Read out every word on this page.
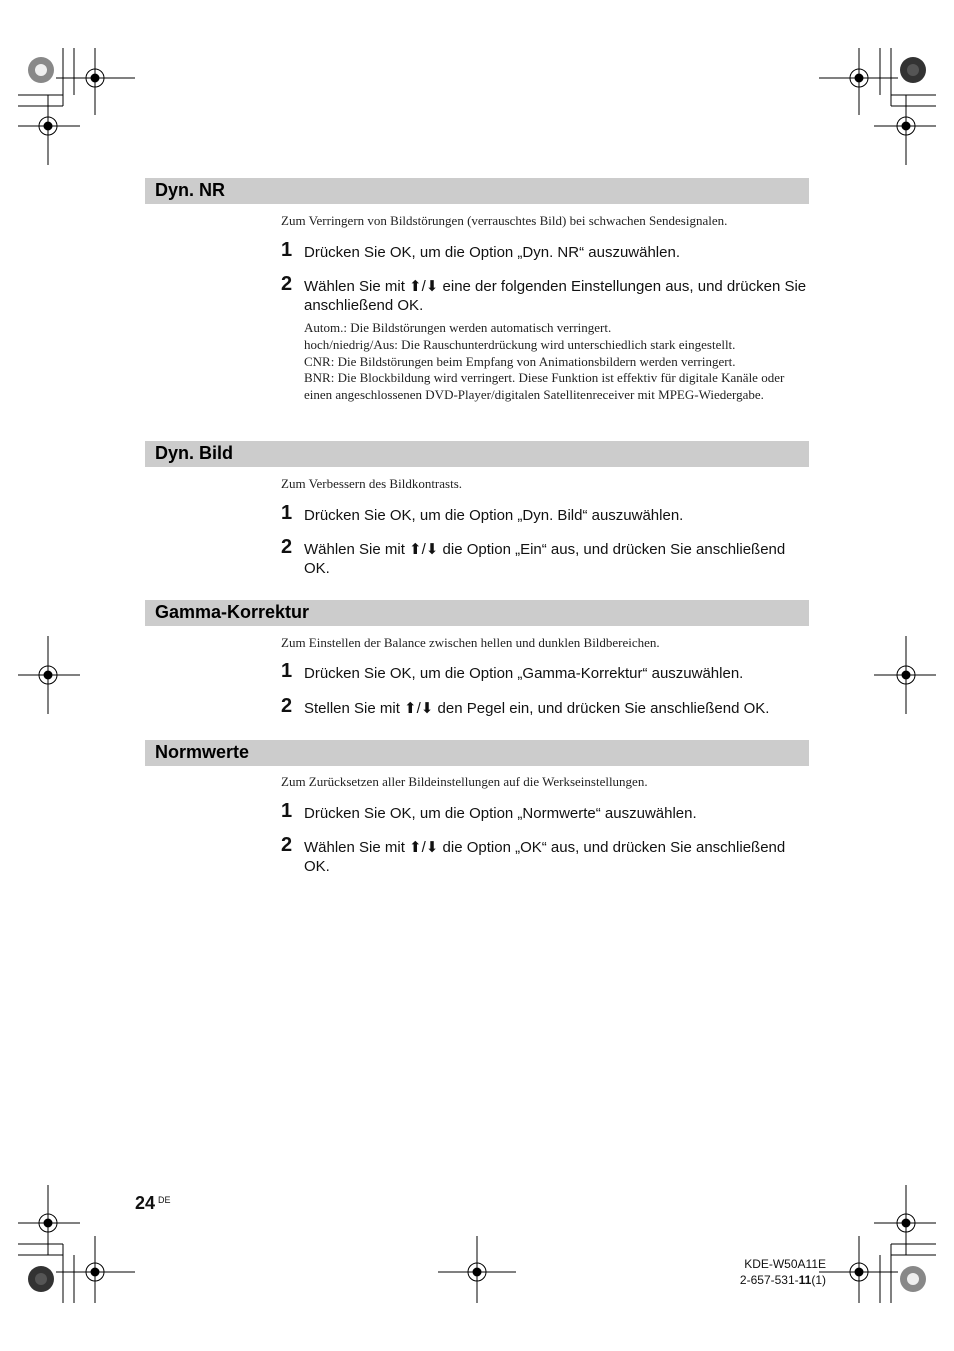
Dyn. NR
Zum Verringern von Bildstörungen (verrauschtes Bild) bei schwachen Sendesignalen.
1 Drücken Sie OK, um die Option „Dyn. NR“ auszuwählen.
2 Wählen Sie mit ⬆/⬇ eine der folgenden Einstellungen aus, und drücken Sie anschließend OK.
Autom.: Die Bildstörungen werden automatisch verringert.
hoch/niedrig/Aus: Die Rauschunterdrückung wird unterschiedlich stark eingestellt.
CNR: Die Bildstörungen beim Empfang von Animationsbildern werden verringert.
BNR: Die Blockbildung wird verringert. Diese Funktion ist effektiv für digitale Kanäle oder einen angeschlossenen DVD-Player/digitalen Satellitenreceiver mit MPEG-Wiedergabe.
Dyn. Bild
Zum Verbessern des Bildkontrasts.
1 Drücken Sie OK, um die Option „Dyn. Bild“ auszuwählen.
2 Wählen Sie mit ⬆/⬇ die Option „Ein“ aus, und drücken Sie anschließend OK.
Gamma-Korrektur
Zum Einstellen der Balance zwischen hellen und dunklen Bildbereichen.
1 Drücken Sie OK, um die Option „Gamma-Korrektur“ auszuwählen.
2 Stellen Sie mit ⬆/⬇ den Pegel ein, und drücken Sie anschließend OK.
Normwerte
Zum Zurücksetzen aller Bildeinstellungen auf die Werkseinstellungen.
1 Drücken Sie OK, um die Option „Normwerte“ auszuwählen.
2 Wählen Sie mit ⬆/⬇ die Option „OK“ aus, und drücken Sie anschließend OK.
24 $^{DE}$
KDE-W50A11E
2-657-531-11(1)
